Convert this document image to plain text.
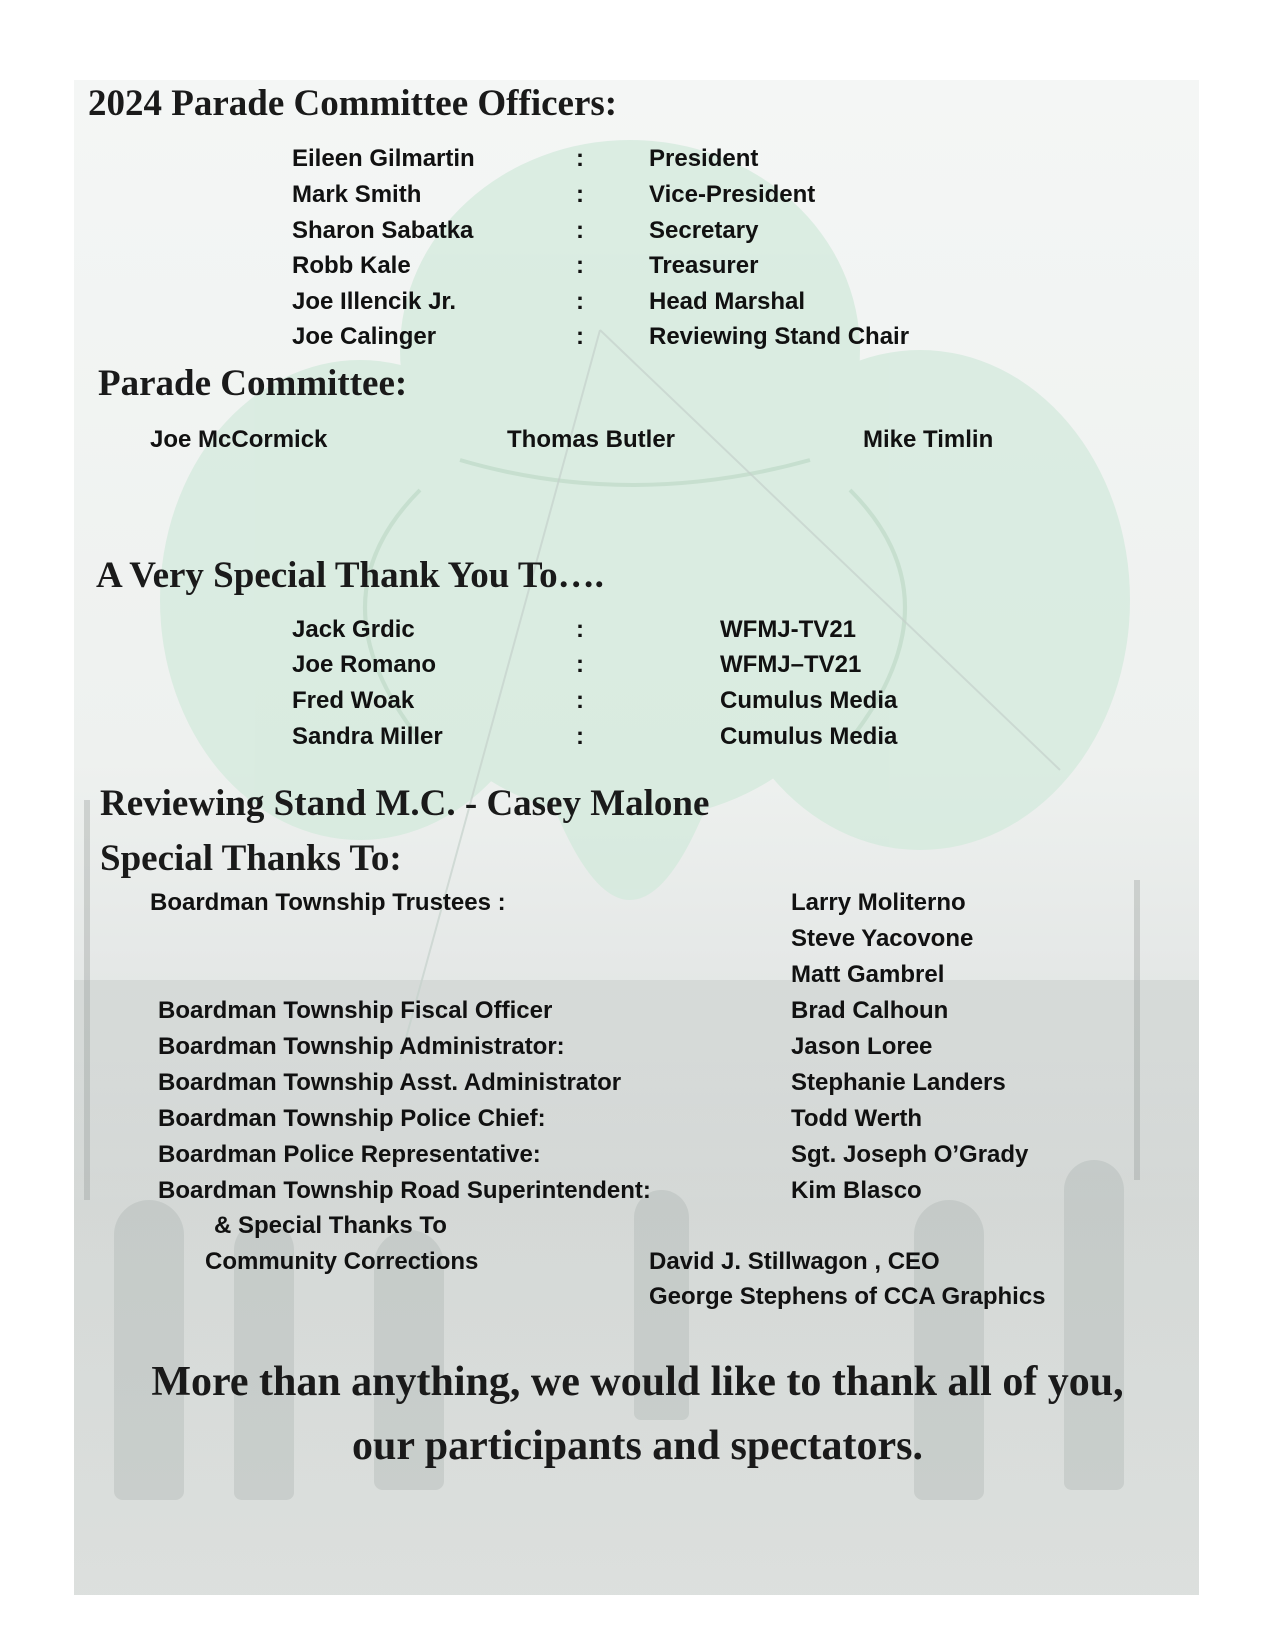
2024 Parade Committee Officers:
Eileen Gilmartin	:	President
Mark Smith	:	Vice-President
Sharon Sabatka	:	Secretary
Robb Kale	:	Treasurer
Joe Illencik Jr.	:	Head Marshal
Joe Calinger	:	Reviewing Stand Chair
Parade Committee:
Joe McCormick	Thomas Butler	Mike Timlin
A Very Special Thank You To….
Jack Grdic	:	WFMJ-TV21
Joe Romano	:	WFMJ–TV21
Fred Woak	:	Cumulus Media
Sandra Miller	:	Cumulus Media
Reviewing Stand M.C. - Casey Malone
Special Thanks To:
Boardman Township Trustees :	Larry Moliterno
Steve Yacovone
Matt Gambrel
Boardman Township Fiscal Officer	Brad Calhoun
Boardman Township Administrator:	Jason Loree
Boardman Township Asst. Administrator	Stephanie Landers
Boardman Township Police Chief:	Todd Werth
Boardman Police Representative:	Sgt. Joseph O’Grady
Boardman Township Road Superintendent:	Kim Blasco
& Special Thanks To
Community Corrections	David J. Stillwagon , CEO
George Stephens of CCA Graphics

More than anything, we would like to thank all of you,
our participants and spectators.
